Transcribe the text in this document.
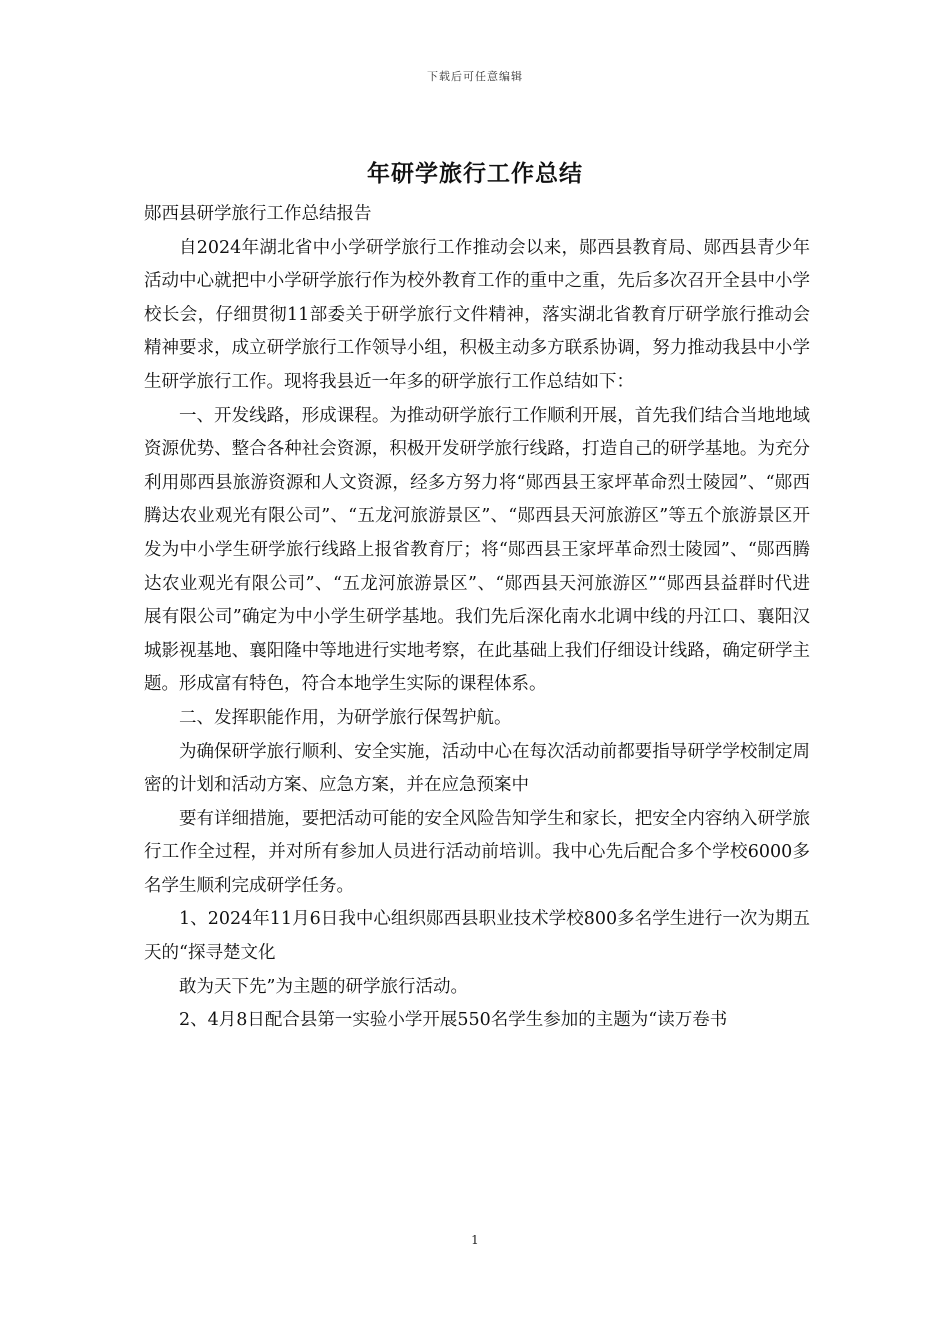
下载后可任意编辑
年研学旅行工作总结

郧西县研学旅行工作总结报告

自2024年湖北省中小学研学旅行工作推动会以来，郧西县教育局、郧西县青少年活动中心就把中小学研学旅行作为校外教育工作的重中之重，先后多次召开全县中小学校长会，仔细贯彻11部委关于研学旅行文件精神，落实湖北省教育厅研学旅行推动会精神要求，成立研学旅行工作领导小组，积极主动多方联系协调，努力推动我县中小学生研学旅行工作。现将我县近一年多的研学旅行工作总结如下：

一、开发线路，形成课程。为推动研学旅行工作顺利开展，首先我们结合当地地域资源优势、整合各种社会资源，积极开发研学旅行线路，打造自己的研学基地。为充分利用郧西县旅游资源和人文资源，经多方努力将“郧西县王家坪革命烈士陵园”、“郧西腾达农业观光有限公司”、“五龙河旅游景区”、“郧西县天河旅游区”等五个旅游景区开发为中小学生研学旅行线路上报省教育厅；将“郧西县王家坪革命烈士陵园”、“郧西腾达农业观光有限公司”、“五龙河旅游景区”、“郧西县天河旅游区”“郧西县益群时代进展有限公司”确定为中小学生研学基地。我们先后深化南水北调中线的丹江口、襄阳汉城影视基地、襄阳隆中等地进行实地考察，在此基础上我们仔细设计线路，确定研学主题。形成富有特色，符合本地学生实际的课程体系。

二、发挥职能作用，为研学旅行保驾护航。

为确保研学旅行顺利、安全实施，活动中心在每次活动前都要指导研学学校制定周密的计划和活动方案、应急方案，并在应急预案中

要有详细措施，要把活动可能的安全风险告知学生和家长，把安全内容纳入研学旅行工作全过程，并对所有参加人员进行活动前培训。我中心先后配合多个学校6000多名学生顺利完成研学任务。

1、2024年11月6日我中心组织郧西县职业技术学校800多名学生进行一次为期五天的“探寻楚文化

敢为天下先”为主题的研学旅行活动。

2、4月8日配合县第一实验小学开展550名学生参加的主题为“读万卷书

1
